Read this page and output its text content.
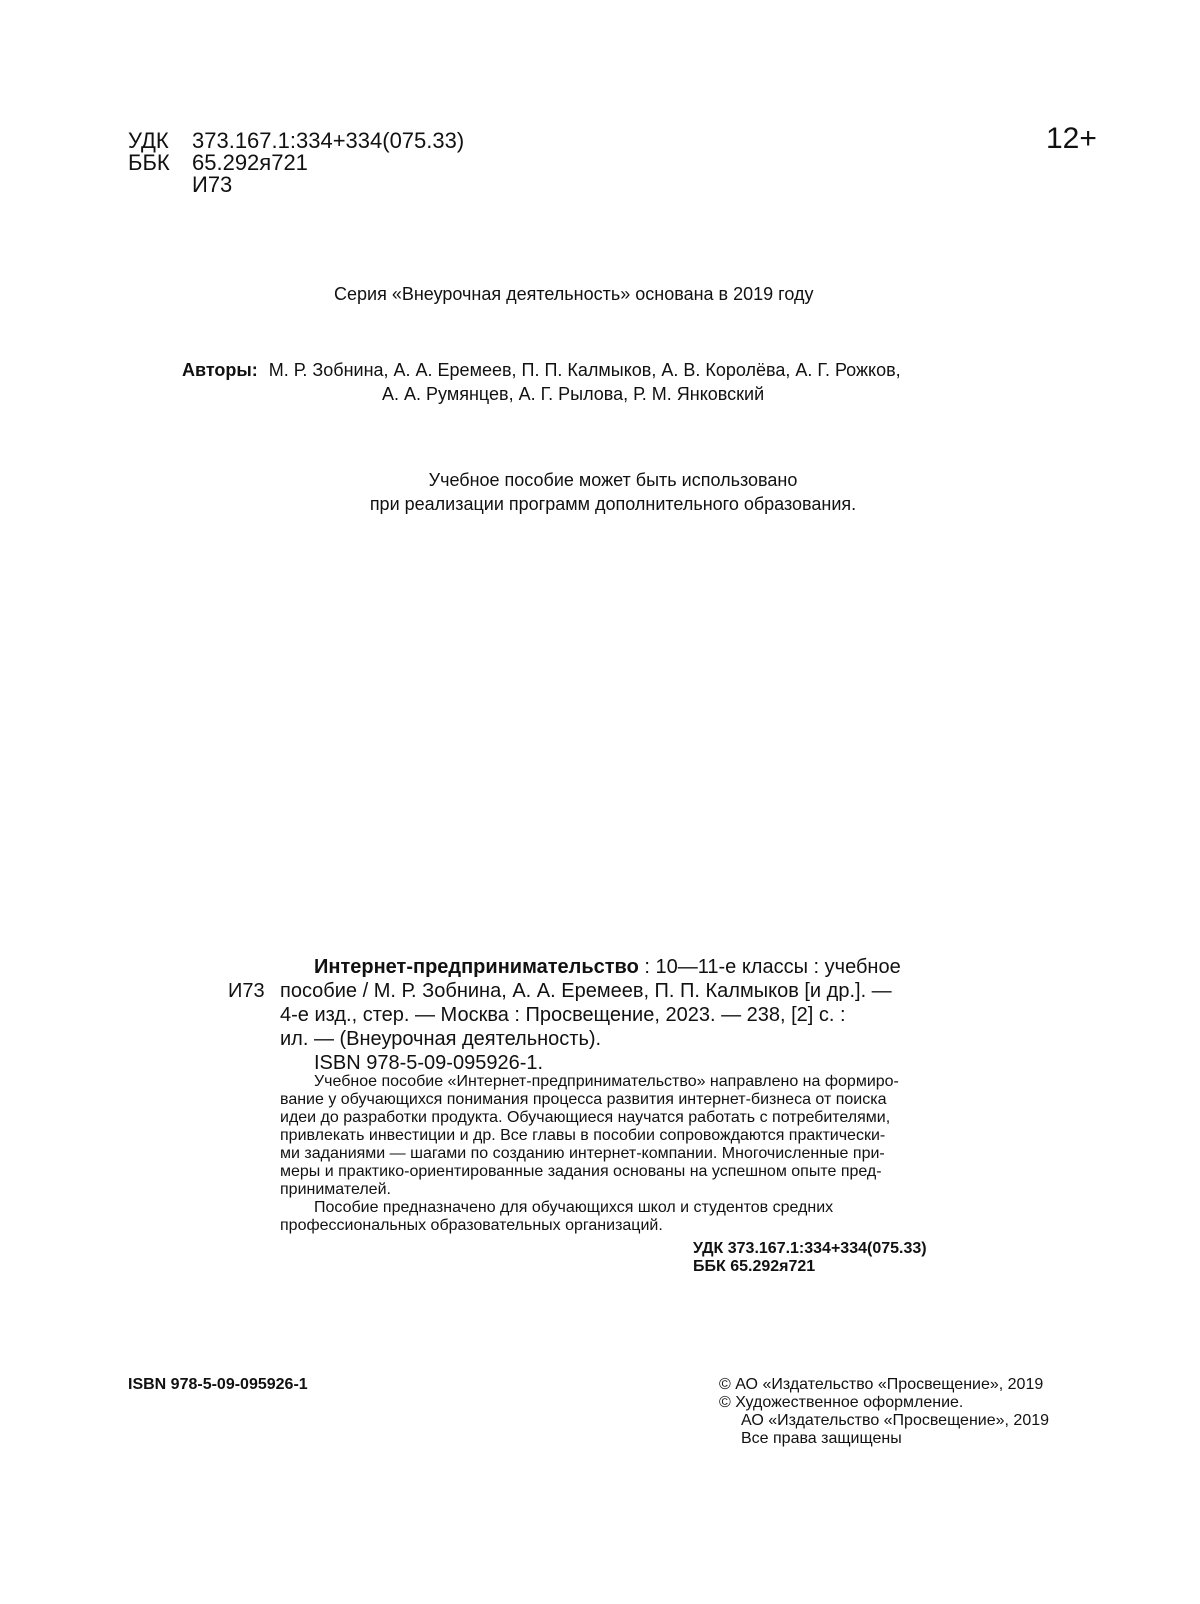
УДК 373.167.1:334+334(075.33)
ББК 65.292я721
И73
12+
Серия «Внеурочная деятельность» основана в 2019 году
Авторы: М. Р. Зобнина, А. А. Еремеев, П. П. Калмыков, А. В. Королёва, А. Г. Рожков,
А. А. Румянцев, А. Г. Рылова, Р. М. Янковский
Учебное пособие может быть использовано
при реализации программ дополнительного образования.
Интернет-предпринимательство : 10—11-е классы : учебное
И73 пособие / М. Р. Зобнина, А. А. Еремеев, П. П. Калмыков [и др.]. —
4-е изд., стер. — Москва : Просвещение, 2023. — 238, [2] с. :
ил. — (Внеурочная деятельность).
ISBN 978-5-09-095926-1.
Учебное пособие «Интернет-предпринимательство» направлено на формиро-
вание у обучающихся понимания процесса развития интернет-бизнеса от поиска
идеи до разработки продукта. Обучающиеся научатся работать с потребителями,
привлекать инвестиции и др. Все главы в пособии сопровождаются практически-
ми заданиями — шагами по созданию интернет-компании. Многочисленные при-
меры и практико-ориентированные задания основаны на успешном опыте пред-
принимателей.
Пособие предназначено для обучающихся школ и студентов средних
профессиональных образовательных организаций.
УДК 373.167.1:334+334(075.33)
ББК 65.292я721
ISBN 978-5-09-095926-1	© АО «Издательство «Просвещение», 2019
© Художественное оформление.
АО «Издательство «Просвещение», 2019
Все права защищены
